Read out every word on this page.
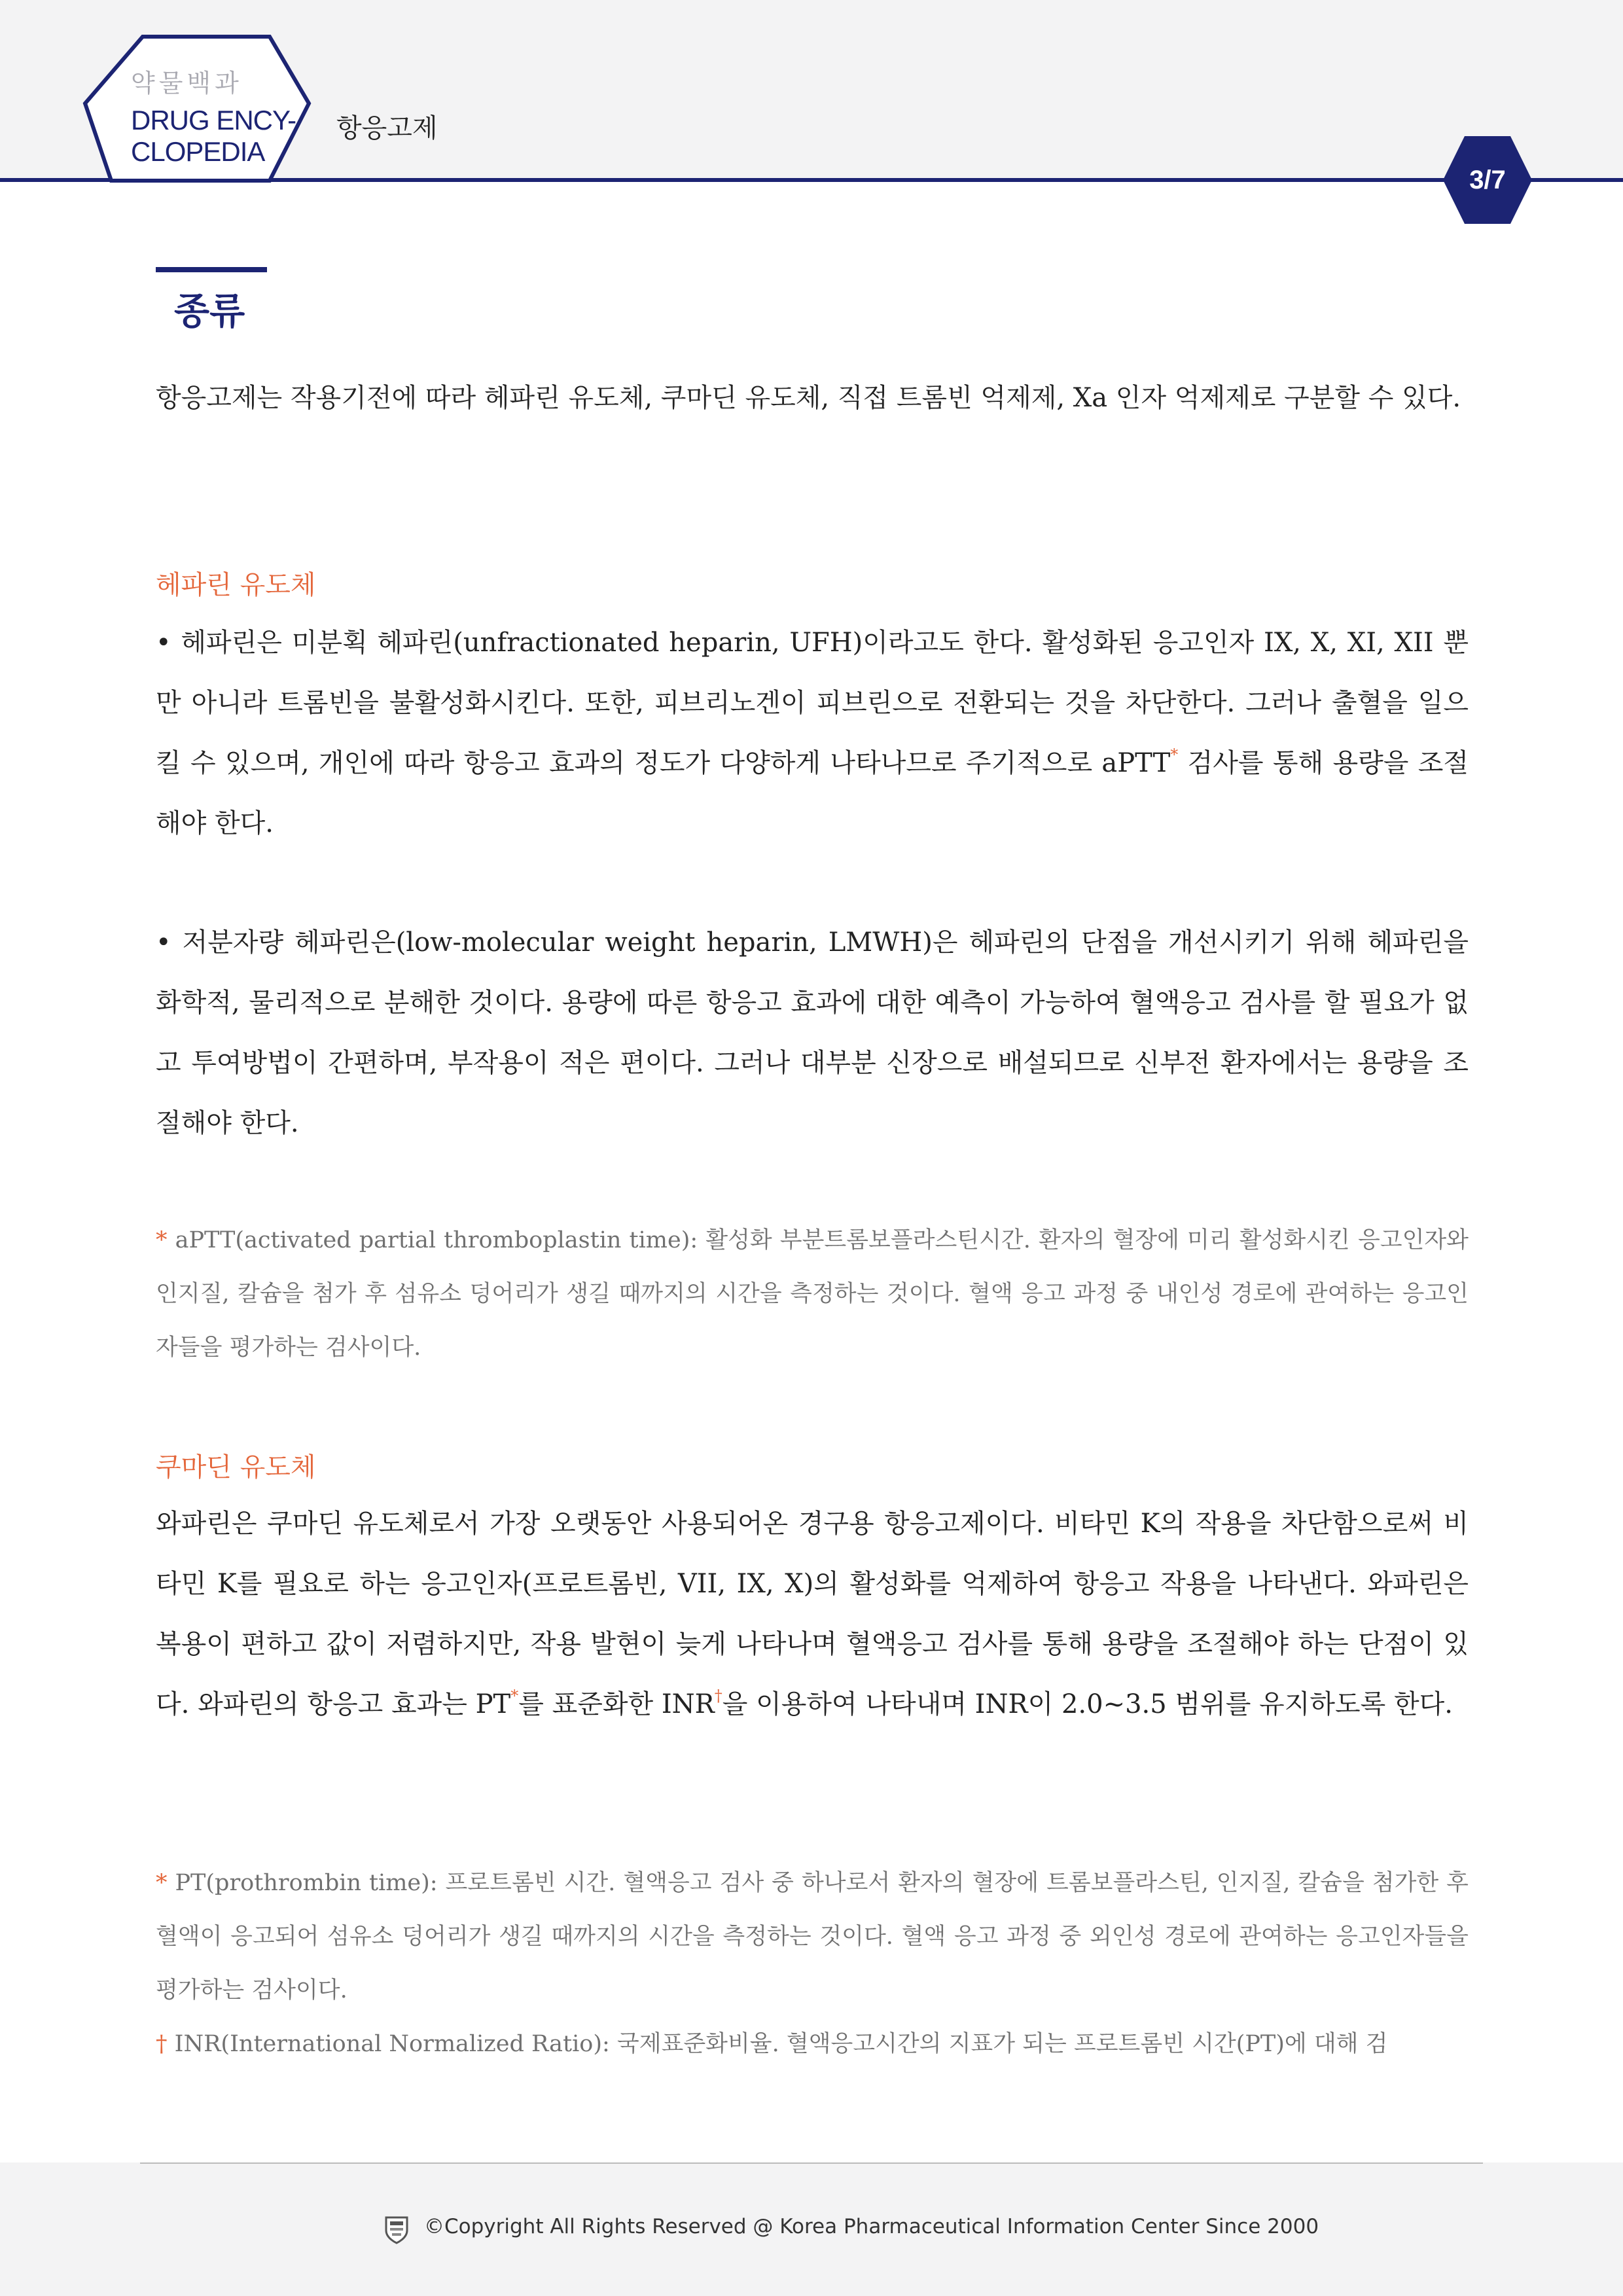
약물백과
DRUG ENCY-
CLOPEDIA
항응고제
3/7
종류
항응고제는 작용기전에 따라 헤파린 유도체, 쿠마딘 유도체, 직접 트롬빈 억제제, Xa 인자 억제제로 구분할 수 있다.
헤파린 유도체
• 헤파린은 미분획 헤파린(unfractionated heparin, UFH)이라고도 한다. 활성화된 응고인자 IX, X, XI, XII 뿐만 아니라 트롬빈을 불활성화시킨다. 또한, 피브리노겐이 피브린으로 전환되는 것을 차단한다. 그러나 출혈을 일으킬 수 있으며, 개인에 따라 항응고 효과의 정도가 다양하게 나타나므로 주기적으로 aPTT* 검사를 통해 용량을 조절해야 한다.
• 저분자량 헤파린은(low-molecular weight heparin, LMWH)은 헤파린의 단점을 개선시키기 위해 헤파린을 화학적, 물리적으로 분해한 것이다. 용량에 따른 항응고 효과에 대한 예측이 가능하여 혈액응고 검사를 할 필요가 없고 투여방법이 간편하며, 부작용이 적은 편이다. 그러나 대부분 신장으로 배설되므로 신부전 환자에서는 용량을 조절해야 한다.
* aPTT(activated partial thromboplastin time): 활성화 부분트롬보플라스틴시간. 환자의 혈장에 미리 활성화시킨 응고인자와 인지질, 칼슘을 첨가 후 섬유소 덩어리가 생길 때까지의 시간을 측정하는 것이다. 혈액 응고 과정 중 내인성 경로에 관여하는 응고인자들을 평가하는 검사이다.
쿠마딘 유도체
와파린은 쿠마딘 유도체로서 가장 오랫동안 사용되어온 경구용 항응고제이다. 비타민 K의 작용을 차단함으로써 비타민 K를 필요로 하는 응고인자(프로트롬빈, VII, IX, X)의 활성화를 억제하여 항응고 작용을 나타낸다. 와파린은 복용이 편하고 값이 저렴하지만, 작용 발현이 늦게 나타나며 혈액응고 검사를 통해 용량을 조절해야 하는 단점이 있다. 와파린의 항응고 효과는 PT*를 표준화한 INR†을 이용하여 나타내며 INR이 2.0~3.5 범위를 유지하도록 한다.
* PT(prothrombin time): 프로트롬빈 시간. 혈액응고 검사 중 하나로서 환자의 혈장에 트롬보플라스틴, 인지질, 칼슘을 첨가한 후 혈액이 응고되어 섬유소 덩어리가 생길 때까지의 시간을 측정하는 것이다. 혈액 응고 과정 중 외인성 경로에 관여하는 응고인자들을 평가하는 검사이다.
† INR(International Normalized Ratio): 국제표준화비율. 혈액응고시간의 지표가 되는 프로트롬빈 시간(PT)에 대해 검
©Copyright All Rights Reserved @ Korea Pharmaceutical Information Center Since 2000
